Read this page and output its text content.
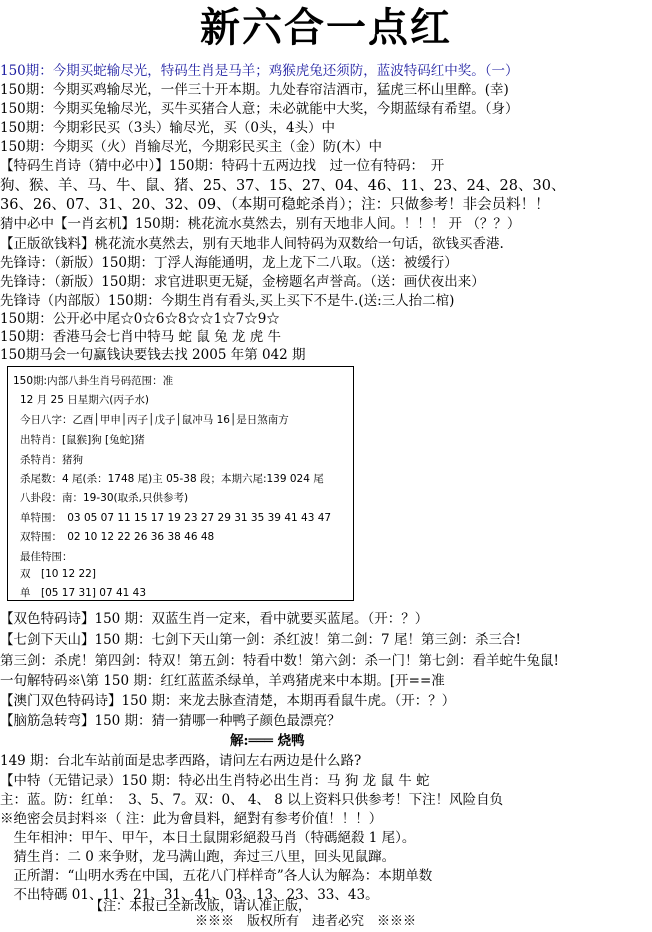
新六合一点红
150期：今期买蛇输尽光，特码生肖是马羊；鸡猴虎兔还须防，蓝波特码红中奖。（一）
150期：今期买鸡输尽光，一伴三十开本期。九处春帘洁酒市，猛虎三杯山里醉。(幸)
150期：今期买兔输尽光，买牛买猪合人意；未必就能中大奖，今期蓝绿有希望。（身）
150期：今期彩民买（3头）输尽光，买（0头，4头）中
150期：今期买（火）肖输尽光，今期彩民买主（金）防(木）中
【特码生肖诗（猜中必中）】150期：特码十五两边找　过一位有特码：　开
狗、猴、羊、马、牛、鼠、猪、25、37、15、27、04、46、11、23、24、28、30、
36、26、07、31、20、32、09、（本期可稳蛇杀肖）；注：只做参考！非会员料！！
猜中必中【一肖玄机】150期：桃花流水莫然去，别有天地非人间。！！！ 开 （？？）
【正版欲钱料】桃花流水莫然去，别有天地非人间特码为双数给一句话，欲钱买香港.
先锋诗：（新版）150期：丁浮人海能通明，龙上龙下二八取。（送：被缓行）
先锋诗：（新版）150期：求官进职更无疑，金榜题名声誉高。（送：画伏夜出来）
先锋诗（内部版）150期：今期生肖有看头,买上买下不是牛.(送:三人抬二棺)
150期：公开必中尾☆0☆6☆8☆☆1☆7☆9☆
150期：香港马会七肖中特马 蛇 鼠 兔 龙 虎 牛
150期马会一句赢钱诀要钱去找 2005 年第 042 期
150期:内部八卦生肖号码范围：准
12 月 25 日星期六(丙子水)
今日八字：乙酉│甲申│丙子│戊子│鼠冲马 16│是日煞南方
出特肖：[鼠猴]狗 [兔蛇]猪
杀特肖：猪狗
杀尾数：4 尾(杀：1748 尾)主 05-38 段；本期六尾:139 024 尾
八卦段：南：19-30(取杀,只供参考)
单特围：　03 05 07 11 15 17 19 23 27 29 31 35 39 41 43 47
双特围：　02 10 12 22 26 36 38 46 48
最佳特围：
双　[10 12 22]
单　[05 17 31] 07 41 43
【双色特码诗】150 期：双蓝生肖一定来，看中就要买蓝尾。（开：？）
【七剑下天山】150 期：七剑下天山第一剑：杀红波！第二剑：7 尾！第三剑：杀三合!
第三剑：杀虎！第四剑：特双！第五剑：特看中数！第六剑：杀一门！第七剑：看羊蛇牛兔鼠!
一句解特码※\第 150 期：红红蓝蓝杀绿单，羊鸡猪虎来中本期。[开==准
【澳门双色特码诗】150 期：来龙去脉查清楚，本期再看鼠牛虎。（开：？）
【脑筋急转弯】150 期：猜一猜哪一种鸭子颜色最漂亮？
解:═══ 烧鸭
149 期：台北车站前面是忠孝西路，请问左右两边是什么路?
【中特（无错记录）150 期：特必出生肖特必出生肖：马 狗 龙 鼠 牛 蛇
主：蓝。防：红单：　3、5、7。双：0、 4、 8 以上资料只供参考！下注！风险自负
※绝密会员封料※（ 注：此为會員料，絕對有参考价值！！！）
　生年相沖：甲午、甲午，本日土鼠開彩絕殺马肖（特碼絕殺 1 尾）。
　猜生肖：二 0 来争财，龙马满山跑，奔过三八里，回头见鼠蹿。
　正所謂：“山明水秀在中国，五花八门样样奇”各人认为解為：本期单数
　不出特碼 01、11、21、31、41、03、13、23、33、43。
【注：本报已全新改版，请认准正版，
※※※　版权所有　违者必究　※※※
